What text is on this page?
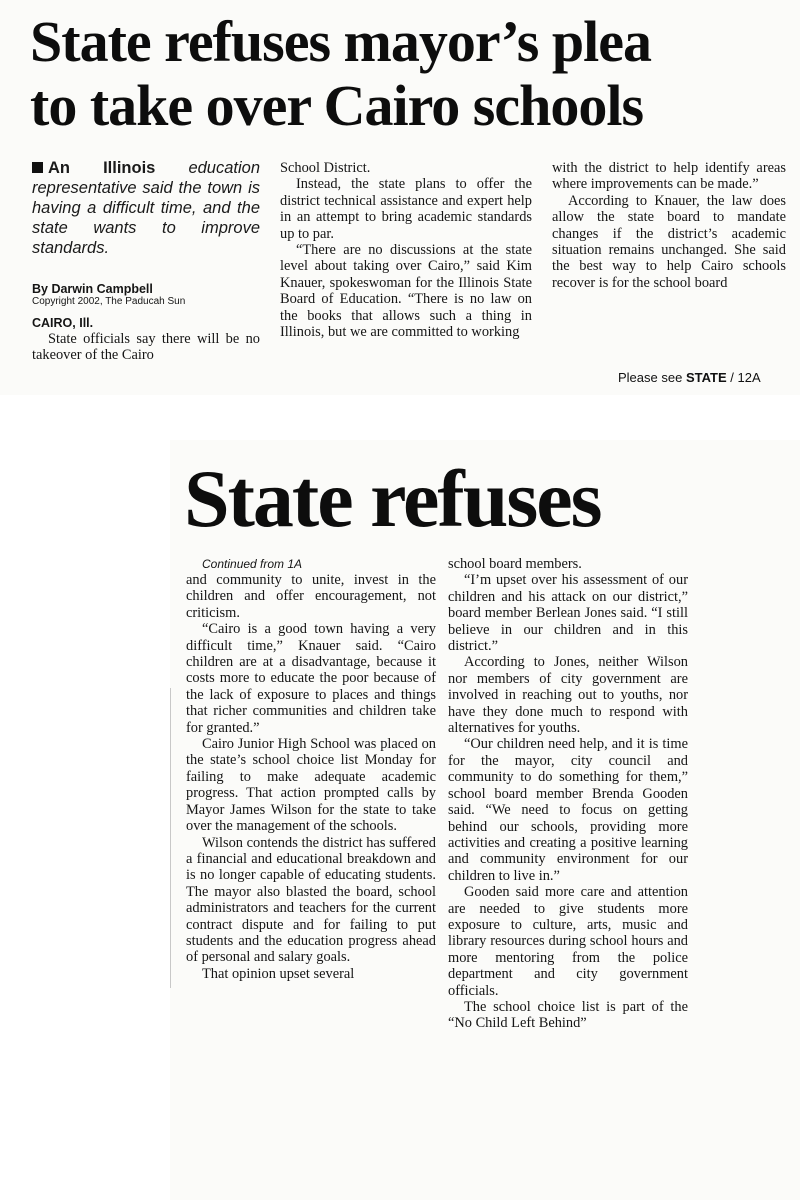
State refuses mayor’s plea
to take over Cairo schools

An Illinois education representative said the town is having a difficult time, and the state wants to improve standards.

By Darwin Campbell
Copyright 2002, The Paducah Sun
CAIRO, Ill.

State officials say there will be no takeover of the Cairo

School District.

Instead, the state plans to offer the district technical assistance and expert help in an attempt to bring academic standards up to par.

“There are no discussions at the state level about taking over Cairo,” said Kim Knauer, spokeswoman for the Illinois State Board of Education. “There is no law on the books that allows such a thing in Illinois, but we are committed to working

with the district to help identify areas where improvements can be made.”

According to Knauer, the law does allow the state board to mandate changes if the district’s academic situation remains unchanged. She said the best way to help Cairo schools recover is for the school board

Please see STATE / 12A
State refuses

Continued from 1A

and community to unite, invest in the children and offer encouragement, not criticism.

“Cairo is a good town having a very difficult time,” Knauer said. “Cairo children are at a disadvantage, because it costs more to educate the poor because of the lack of exposure to places and things that richer communities and children take for granted.”

Cairo Junior High School was placed on the state’s school choice list Monday for failing to make adequate academic progress. That action prompted calls by Mayor James Wilson for the state to take over the management of the schools.

Wilson contends the district has suffered a financial and educational breakdown and is no longer capable of educating students. The mayor also blasted the board, school administrators and teachers for the current contract dispute and for failing to put students and the education progress ahead of personal and salary goals.

That opinion upset several

school board members.

“I’m upset over his assessment of our children and his attack on our district,” board member Berlean Jones said. “I still believe in our children and in this district.”

According to Jones, neither Wilson nor members of city government are involved in reaching out to youths, nor have they done much to respond with alternatives for youths.

“Our children need help, and it is time for the mayor, city council and community to do something for them,” school board member Brenda Gooden said. “We need to focus on getting behind our schools, providing more activities and creating a positive learning and community environment for our children to live in.”

Gooden said more care and attention are needed to give students more exposure to culture, arts, music and library resources during school hours and more mentoring from the police department and city government officials.

The school choice list is part of the “No Child Left Behind”
